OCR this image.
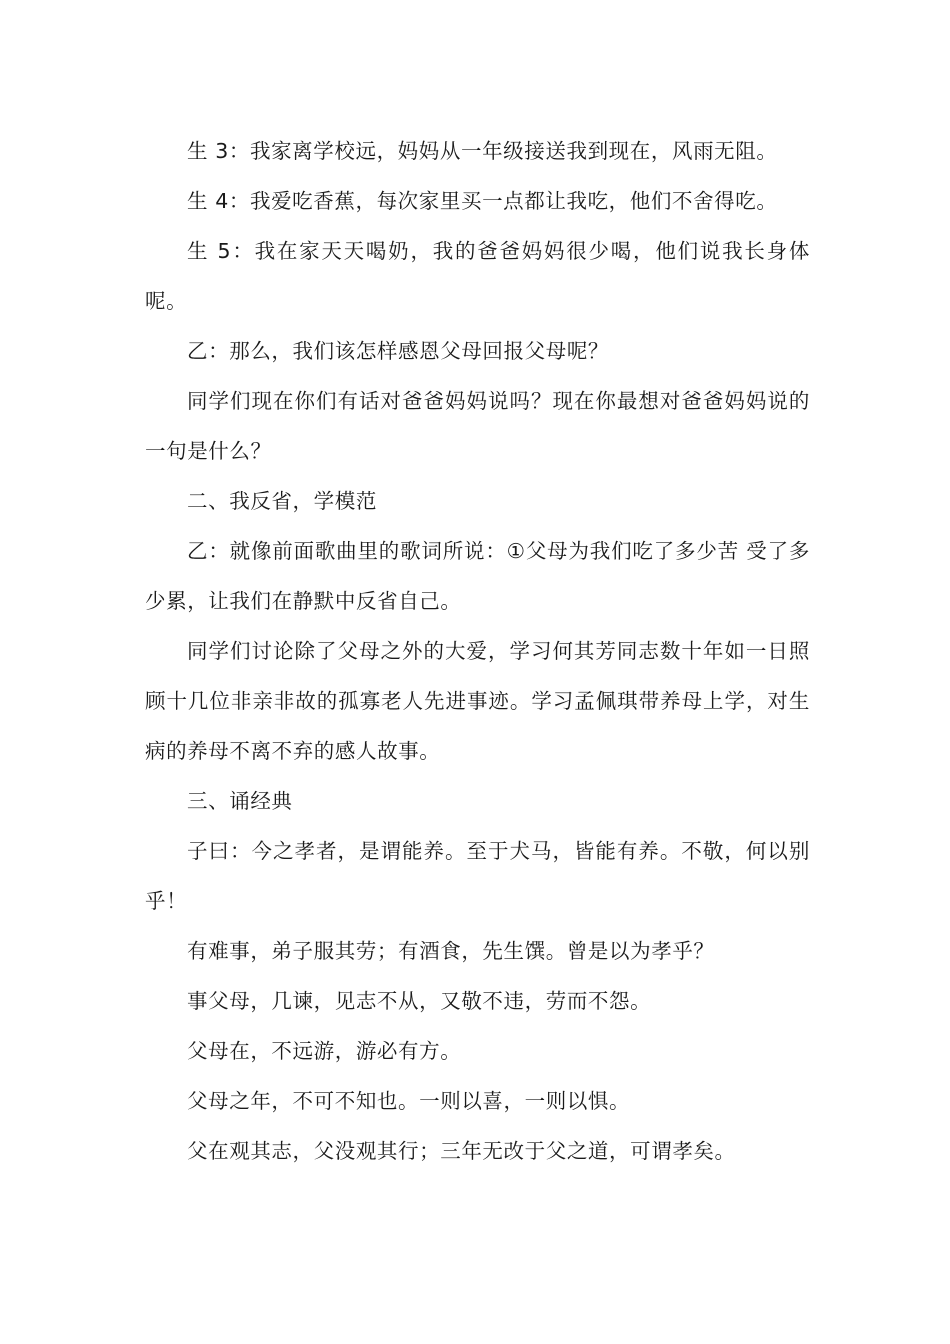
生 3：我家离学校远，妈妈从一年级接送我到现在，风雨无阻。

生 4：我爱吃香蕉，每次家里买一点都让我吃，他们不舍得吃。

生 5：我在家天天喝奶，我的爸爸妈妈很少喝，他们说我长身体呢。

乙：那么，我们该怎样感恩父母回报父母呢？

同学们现在你们有话对爸爸妈妈说吗？现在你最想对爸爸妈妈说的一句是什么？

二、我反省，学模范

乙：就像前面歌曲里的歌词所说：①父母为我们吃了多少苦 受了多少累，让我们在静默中反省自己。

同学们讨论除了父母之外的大爱，学习何其芳同志数十年如一日照顾十几位非亲非故的孤寡老人先进事迹。学习孟佩琪带养母上学，对生病的养母不离不弃的感人故事。

三、诵经典

子曰：今之孝者，是谓能养。至于犬马，皆能有养。不敬，何以别乎！

有难事，弟子服其劳；有酒食，先生馔。曾是以为孝乎？

事父母，几谏，见志不从，又敬不违，劳而不怨。

父母在，不远游，游必有方。

父母之年，不可不知也。一则以喜，一则以惧。

父在观其志，父没观其行；三年无改于父之道，可谓孝矣。
